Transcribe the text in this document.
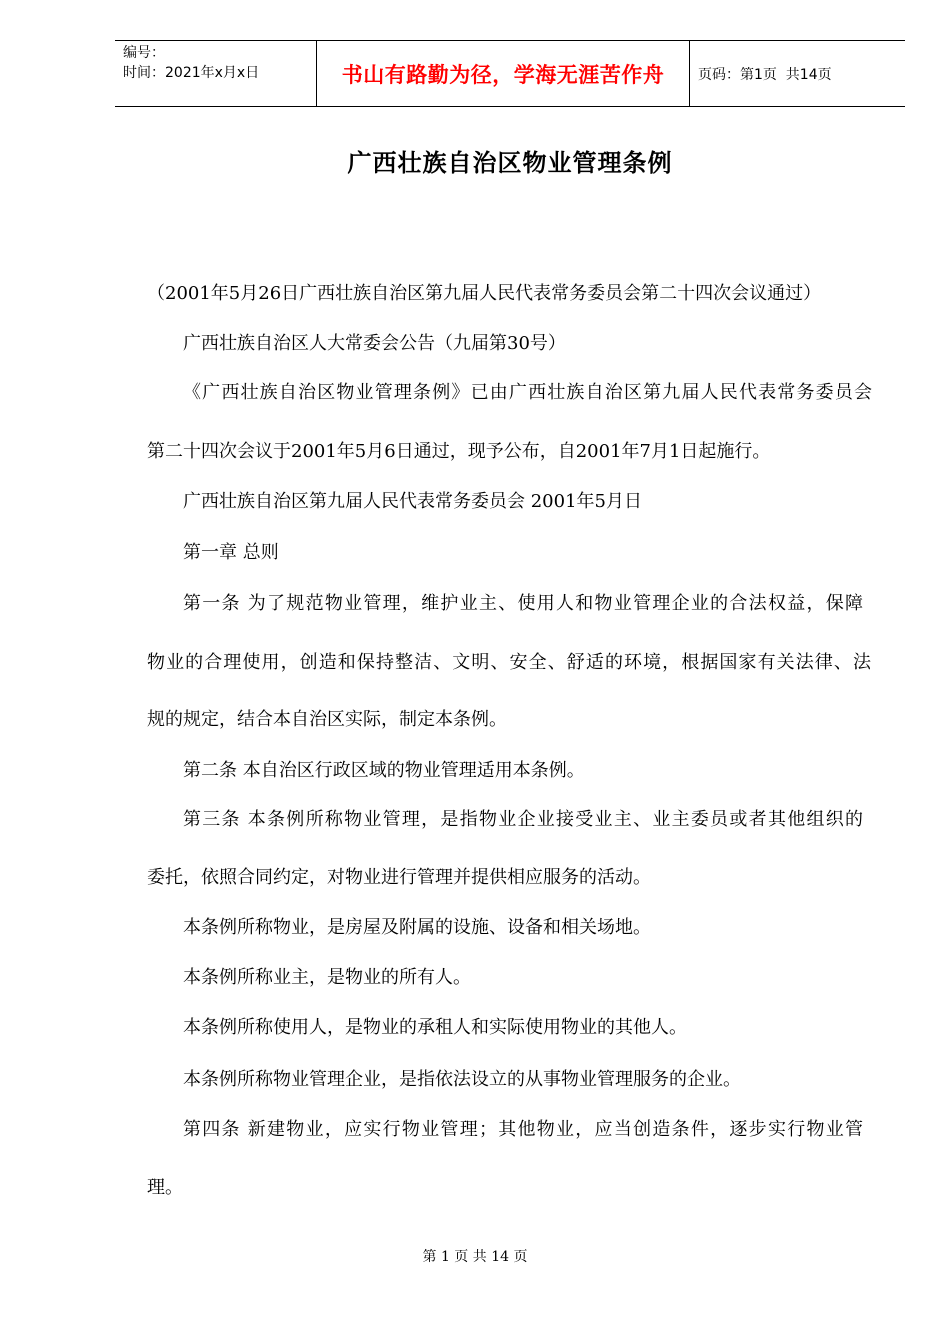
编号：
时间：2021年x月x日	书山有路勤为径，学海无涯苦作舟	页码：第1页  共14页
广西壮族自治区物业管理条例
（2001年5月26日广西壮族自治区第九届人民代表常务委员会第二十四次会议通过）
广西壮族自治区人大常委会公告（九届第30号）
《广西壮族自治区物业管理条例》已由广西壮族自治区第九届人民代表常务委员会
第二十四次会议于2001年5月6日通过，现予公布，自2001年7月1日起施行。
广西壮族自治区第九届人民代表常务委员会 2001年5月日
第一章 总则
第一条 为了规范物业管理，维护业主、使用人和物业管理企业的合法权益，保障
物业的合理使用，创造和保持整洁、文明、安全、舒适的环境，根据国家有关法律、法
规的规定，结合本自治区实际，制定本条例。
第二条 本自治区行政区域的物业管理适用本条例。
第三条 本条例所称物业管理，是指物业企业接受业主、业主委员或者其他组织的
委托，依照合同约定，对物业进行管理并提供相应服务的活动。
本条例所称物业，是房屋及附属的设施、设备和相关场地。
本条例所称业主，是物业的所有人。
本条例所称使用人，是物业的承租人和实际使用物业的其他人。
本条例所称物业管理企业，是指依法设立的从事物业管理服务的企业。
第四条 新建物业，应实行物业管理；其他物业，应当创造条件，逐步实行物业管
理。
第 1 页 共 14 页
